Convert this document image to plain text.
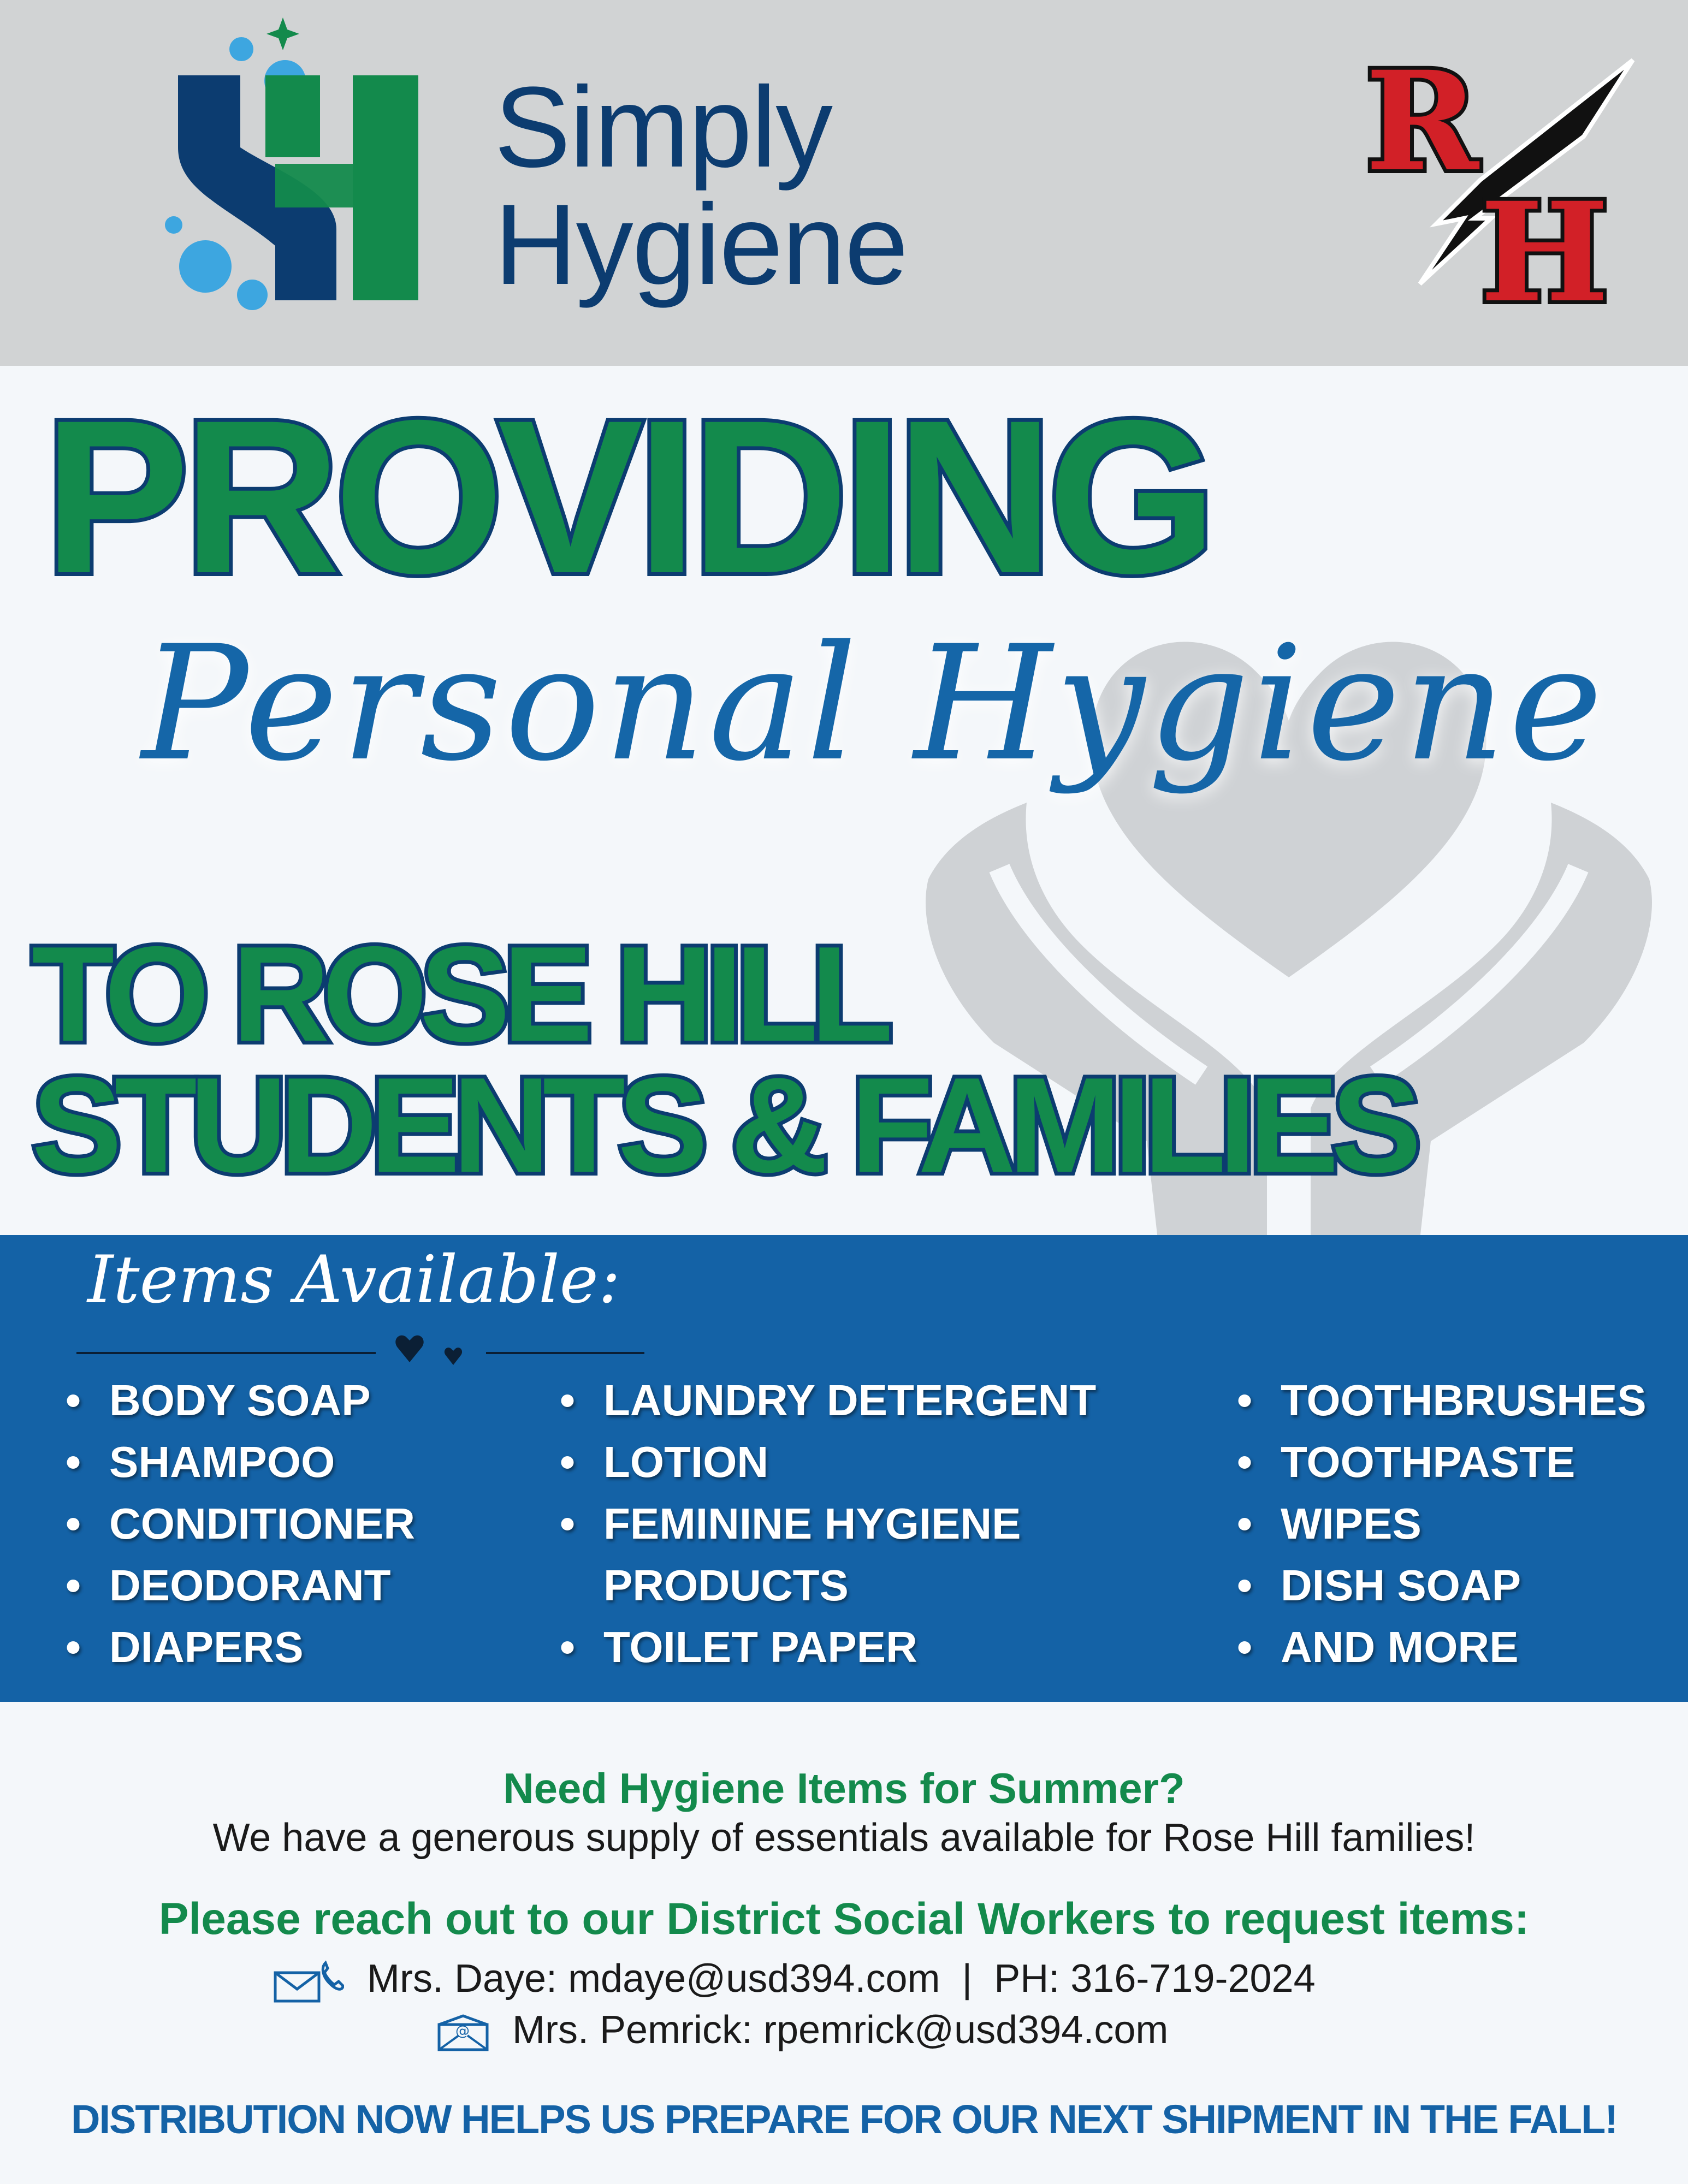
Simply
Hygiene
R
H
PROVIDING
Personal Hygiene
TO ROSE HILL
STUDENTS & FAMILIES
Items Available:
• BODY SOAP
• SHAMPOO
• CONDITIONER
• DEODORANT
• DIAPERS
• LAUNDRY DETERGENT
• LOTION
• FEMININE HYGIENE
PRODUCTS
• TOILET PAPER
• TOOTHBRUSHES
• TOOTHPASTE
• WIPES
• DISH SOAP
• AND MORE
Need Hygiene Items for Summer?
We have a generous supply of essentials available for Rose Hill families!
Please reach out to our District Social Workers to request items:
Mrs. Daye: mdaye@usd394.com  |  PH: 316-719-2024
@ Mrs. Pemrick: rpemrick@usd394.com
DISTRIBUTION NOW HELPS US PREPARE FOR OUR NEXT SHIPMENT IN THE FALL!
